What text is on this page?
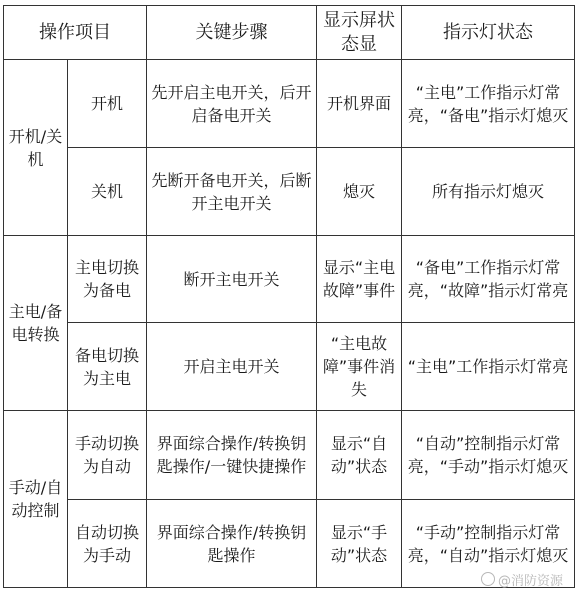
操作项目		关键步骤	显示屏状态显	指示灯状态
开机/关机	开机	先开启主电开关，后开启备电开关	开机界面	“主电”工作指示灯常亮，“备电”指示灯熄灭
	关机	先断开备电开关，后断开主电开关	熄灭	所有指示灯熄灭
主电/备电转换	主电切换为备电	断开主电开关	显示“主电故障”事件	“备电”工作指示灯常亮，“故障”指示灯常亮
	备电切换为主电	开启主电开关	“主电故障”事件消失	“主电”工作指示灯常亮
手动/自动控制	手动切换为自动	界面综合操作/转换钥匙操作/一键快捷操作	显示“自动”状态	“自动”控制指示灯常亮，“手动”指示灯熄灭
	自动切换为手动	界面综合操作/转换钥匙操作	显示“手动”状态	“手动”控制指示灯常亮，“自动”指示灯熄灭
@消防资源
